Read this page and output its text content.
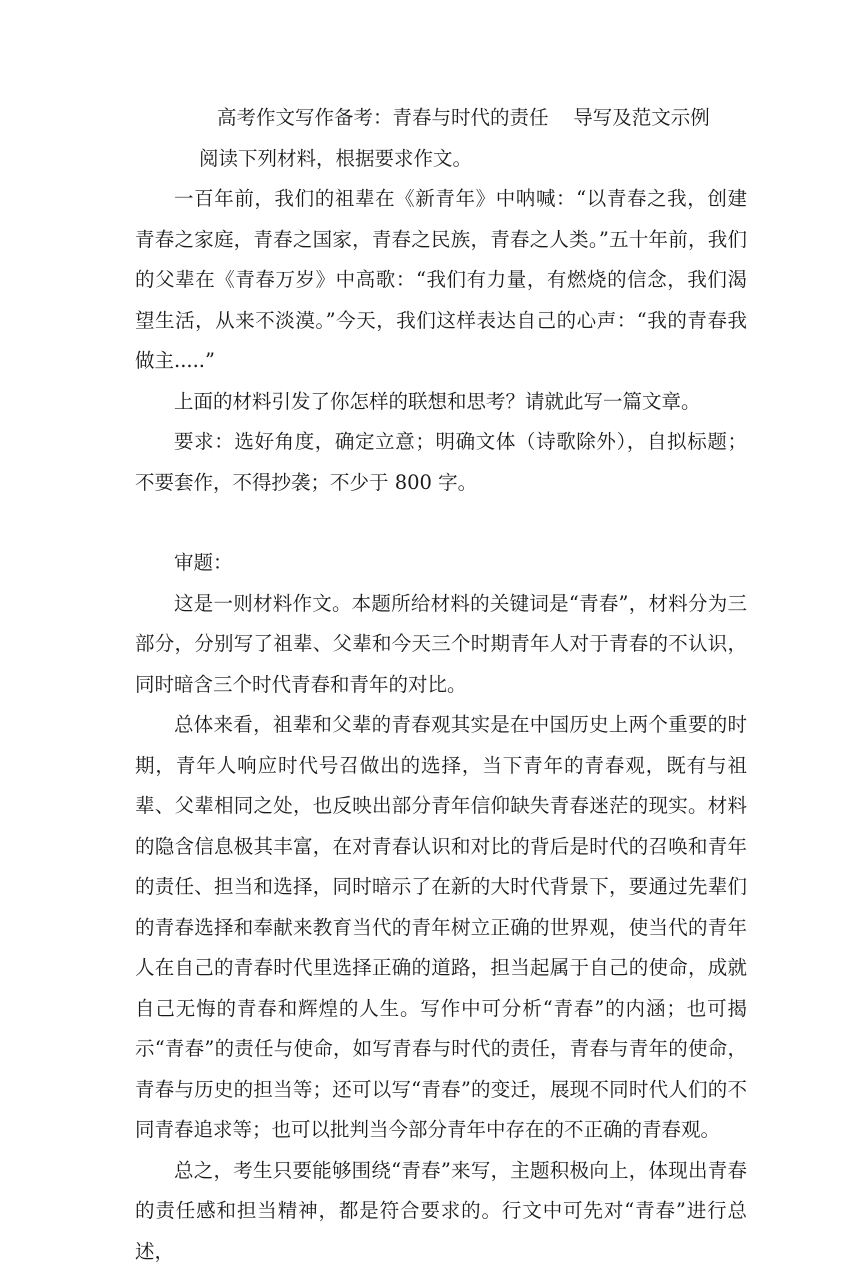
高考作文写作备考：青春与时代的责任    导写及范文示例

阅读下列材料，根据要求作文。

一百年前，我们的祖辈在《新青年》中呐喊：“以青春之我，创建青春之家庭，青春之国家，青春之民族，青春之人类。”五十年前，我们的父辈在《青春万岁》中高歌：“我们有力量，有燃烧的信念，我们渴望生活，从来不淡漠。”今天，我们这样表达自己的心声：“我的青春我做主.....”

上面的材料引发了你怎样的联想和思考？请就此写一篇文章。

要求：选好角度，确定立意；明确文体（诗歌除外），自拟标题；不要套作，不得抄袭；不少于 800 字。

审题：

这是一则材料作文。本题所给材料的关键词是“青春”，材料分为三部分，分别写了祖辈、父辈和今天三个时期青年人对于青春的不认识，同时暗含三个时代青春和青年的对比。

总体来看，祖辈和父辈的青春观其实是在中国历史上两个重要的时期，青年人响应时代号召做出的选择，当下青年的青春观，既有与祖辈、父辈相同之处，也反映出部分青年信仰缺失青春迷茫的现实。材料的隐含信息极其丰富，在对青春认识和对比的背后是时代的召唤和青年的责任、担当和选择，同时暗示了在新的大时代背景下，要通过先辈们的青春选择和奉献来教育当代的青年树立正确的世界观，使当代的青年人在自己的青春时代里选择正确的道路，担当起属于自己的使命，成就自己无悔的青春和辉煌的人生。写作中可分析“青春”的内涵；也可揭示“青春”的责任与使命，如写青春与时代的责任，青春与青年的使命，青春与历史的担当等；还可以写“青春”的变迁，展现不同时代人们的不同青春追求等；也可以批判当今部分青年中存在的不正确的青春观。

总之，考生只要能够围绕“青春”来写，主题积极向上，体现出青春的责任感和担当精神，都是符合要求的。行文中可先对“青春”进行总述，
